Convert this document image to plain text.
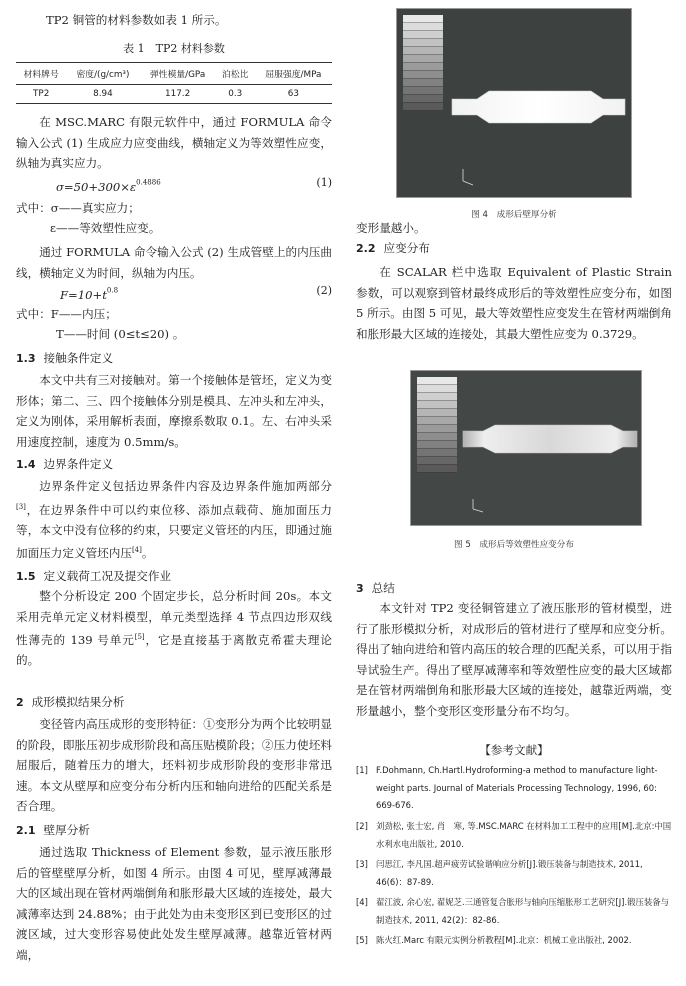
TP2 铜管的材料参数如表 1 所示。

表 1　TP2 材料参数
材料牌号	密度/(g/cm³)	弹性模量/GPa	泊松比	屈服强度/MPa
TP2	8.94	117.2	0.3	63

在 MSC.MARC 有限元软件中，通过 FORMULA 命令输入公式 (1) 生成应力应变曲线，横轴定义为等效塑性应变，纵轴为真实应力。

$\sigma=50+300\times\varepsilon^{0.4886}$	(1)

式中：σ——真实应力；

ε——等效塑性应变。

通过 FORMULA 命令输入公式 (2) 生成管壁上的内压曲线，横轴定义为时间，纵轴为内压。

$F=10+t^{0.8}$	(2)

式中：F——内压；

T——时间 (0≤t≤20) 。

1.3 接触条件定义

本文中共有三对接触对。第一个接触体是管坯，定义为变形体；第二、三、四个接触体分别是模具、左冲头和左冲头，定义为刚体，采用解析表面，摩擦系数取 0.1。左、右冲头采用速度控制，速度为 0.5mm/s。

1.4 边界条件定义

边界条件定义包括边界条件内容及边界条件施加两部分[3]，在边界条件中可以约束位移、添加点载荷、施加面压力等，本文中没有位移的约束，只要定义管坯的内压，即通过施加面压力定义管坯内压[4]。

1.5 定义载荷工况及提交作业

整个分析设定 200 个固定步长，总分析时间 20s。本文采用壳单元定义材料模型，单元类型选择 4 节点四边形双线性薄壳的 139 号单元[5]，它是直接基于离散克希霍夫理论的。

2 成形模拟结果分析

变径管内高压成形的变形特征：①变形分为两个比较明显的阶段，即胀压初步成形阶段和高压贴模阶段；②压力使坯料屈服后，随着压力的增大，坯料初步成形阶段的变形非常迅速。本文从壁厚和应变分布分析内压和轴向进给的匹配关系是否合理。

2.1 壁厚分析

通过选取 Thickness of Element 参数，显示液压胀形后的管壁壁厚分析，如图 4 所示。由图 4 可见，壁厚减薄最大的区域出现在管材两端倒角和胀形最大区域的连接处，最大减薄率达到 24.88%；由于此处为由未变形区到已变形区的过渡区域，过大变形容易使此处发生壁厚减薄。越靠近管材两端，

图 4　成形后壁厚分析

变形量越小。

2.2 应变分布

在 SCALAR 栏中选取 Equivalent of Plastic Strain 参数，可以观察到管材最终成形后的等效塑性应变分布，如图 5 所示。由图 5 可见，最大等效塑性应变发生在管材两端倒角和胀形最大区域的连接处，其最大塑性应变为 0.3729。

图 5　成形后等效塑性应变分布
3 总结

本文针对 TP2 变径铜管建立了液压胀形的管材模型，进行了胀形模拟分析，对成形后的管材进行了壁厚和应变分析。得出了轴向进给和管内高压的较合理的匹配关系，可以用于指导试验生产。得出了壁厚减薄率和等效塑性应变的最大区域都是在管材两端倒角和胀形最大区域的连接处，越靠近两端，变形量越小，整个变形区变形量分布不均匀。

【参考文献】
[1] F.Dohmann, Ch.Hartl.Hydroforming-a method to manufacture light-weight parts. Journal of Materials Processing Technology, 1996, 60: 669-676.
[2] 刘劲松, 张士宏, 肖　寒, 等.MSC.MARC 在材料加工工程中的应用[M].北京:中国水利水电出版社, 2010.
[3] 闫思江, 李凡国.超声疲劳试验谐响应分析[J].锻压装备与制造技术, 2011, 46(6)：87-89.
[4] 翟江波, 余心宏, 翟妮芝.三通管复合胀形与轴向压缩胀形工艺研究[J].锻压装备与制造技术, 2011, 42(2)：82-86.
[5] 陈火红.Marc 有限元实例分析教程[M].北京：机械工业出版社, 2002.
